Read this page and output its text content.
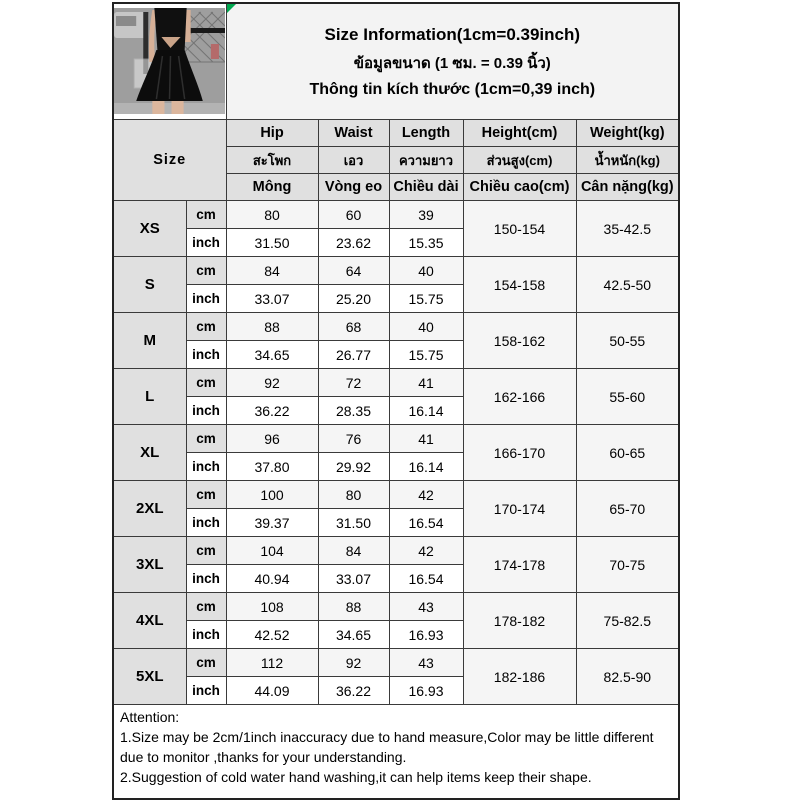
Size Information(1cm=0.39inch)
ข้อมูลขนาด (1 ซม. = 0.39 นิ้ว)
Thông tin kích thước (1cm=0,39 inch)				

Size		Hip	Waist	Length	Height(cm)	Weight(kg)
		สะโพก	เอว	ความยาว	ส่วนสูง(cm)	น้ำหนัก(kg)
		Mông	Vòng eo	Chiều dài	Chiều cao(cm)	Cân nặng(kg)
XS	cm	80	60	39	150-154	35-42.5
	inch	31.50	23.62	15.35		
S	cm	84	64	40	154-158	42.5-50
	inch	33.07	25.20	15.75		
M	cm	88	68	40	158-162	50-55
	inch	34.65	26.77	15.75		
L	cm	92	72	41	162-166	55-60
	inch	36.22	28.35	16.14		
XL	cm	96	76	41	166-170	60-65
	inch	37.80	29.92	16.14		
2XL	cm	100	80	42	170-174	65-70
	inch	39.37	31.50	16.54		
3XL	cm	104	84	42	174-178	70-75
	inch	40.94	33.07	16.54		
4XL	cm	108	88	43	178-182	75-82.5
	inch	42.52	34.65	16.93		
5XL	cm	112	92	43	182-186	82.5-90
	inch	44.09	36.22	16.93		

Attention:
1.Size may be 2cm/1inch inaccuracy due to hand measure,Color may be little different due to monitor ,thanks for your understanding.
2.Suggestion of cold water hand washing,it can help items keep their shape.						
